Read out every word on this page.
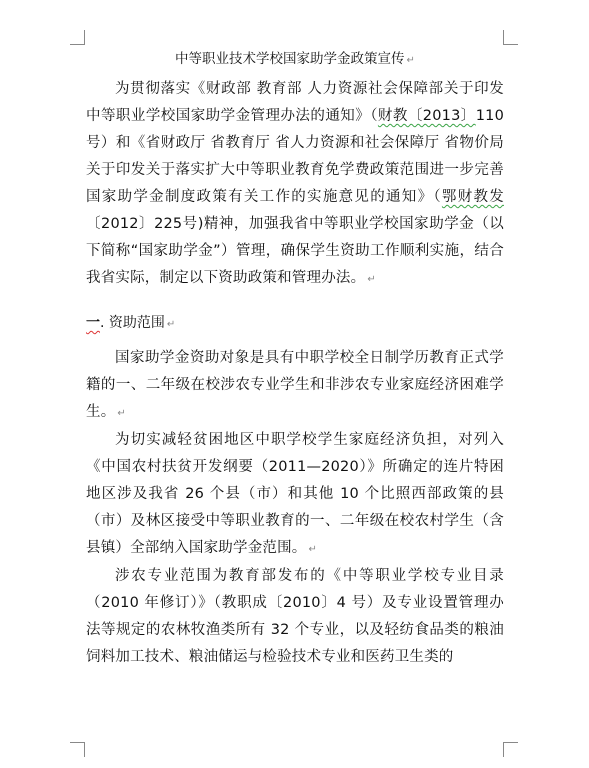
中等职业技术学校国家助学金政策宣传 ↵

为贯彻落实《财政部 教育部 人力资源社会保障部关于印发中等职业学校国家助学金管理办法的通知》（财教〔2013〕110号）和《省财政厅 省教育厅 省人力资源和社会保障厅 省物价局关于印发关于落实扩大中等职业教育免学费政策范围进一步完善国家助学金制度政策有关工作的实施意见的通知》（鄂财教发〔2012〕225号)精神，加强我省中等职业学校国家助学金（以下简称“国家助学金”）管理，确保学生资助工作顺利实施，结合我省实际，制定以下资助政策和管理办法。 ↵

一. 资助范围 ↵

国家助学金资助对象是具有中职学校全日制学历教育正式学籍的一、二年级在校涉农专业学生和非涉农专业家庭经济困难学生。 ↵

为切实减轻贫困地区中职学校学生家庭经济负担，对列入《中国农村扶贫开发纲要（2011—2020）》所确定的连片特困地区涉及我省 26 个县（市）和其他 10 个比照西部政策的县（市）及林区接受中等职业教育的一、二年级在校农村学生（含县镇）全部纳入国家助学金范围。 ↵

涉农专业范围为教育部发布的《中等职业学校专业目录（2010 年修订）》（教职成〔2010〕4 号）及专业设置管理办法等规定的农林牧渔类所有 32 个专业，以及轻纺食品类的粮油饲料加工技术、粮油储运与检验技术专业和医药卫生类的
